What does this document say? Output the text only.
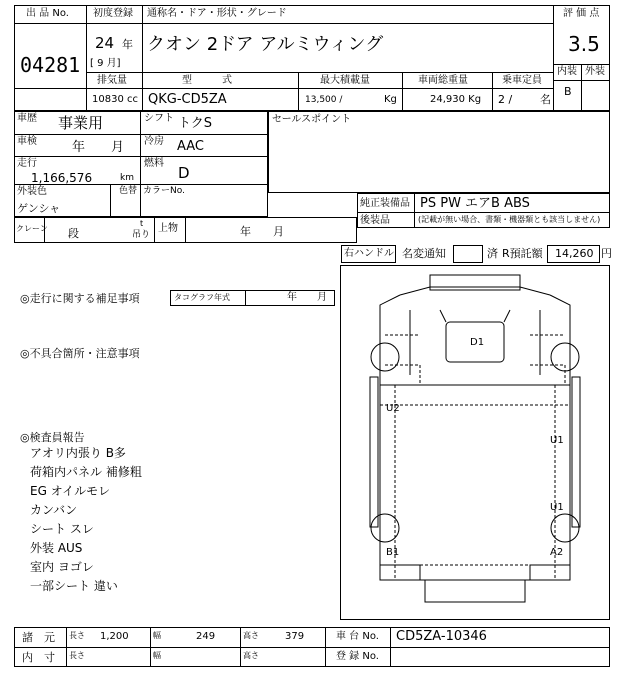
出 品 No.
04281
初度登録
24 年
[ 9 月]
通称名・ドア・形状・グレード
クオン 2ドア アルミウィング
評 価 点
3.5
内装 外装
B
排気量
10830 cc
型　　　式
QKG-CD5ZA
最大積載量
13,500 /	Kg
車両総重量
24,930 Kg
乗車定員
2 /	名
車歴 事業用	シフト トクS
車検	年　　月 冷房 AAC
走行
1,166,576	km
燃料
D
外装色
ゲンシャ
色替 カラーNo.
セールスポイント
純正装備品 PS PW エアB ABS
後装品	(記載が無い場合、書類・機器類とも該当しません)
クレーン 段
t
吊り
上物	年　　月
右ハンドル 名変通知	済 R預託額 14,260 円
◎走行に関する補足事項	タコグラフ年式	年　　月
◎不具合箇所・注意事項
◎検査員報告
アオリ内張り B多
荷箱内パネル 補修粗
EG オイルモレ
カンバン
シート スレ
外装 AUS
室内 ヨゴレ
一部シート 違い
D1
U2
U1
U1
B1	A2
諸　元 長さ 1,200	幅	249	高さ	379	車 台 No. CD5ZA-10346
内　寸 長さ	幅	高さ	登 録 No.
